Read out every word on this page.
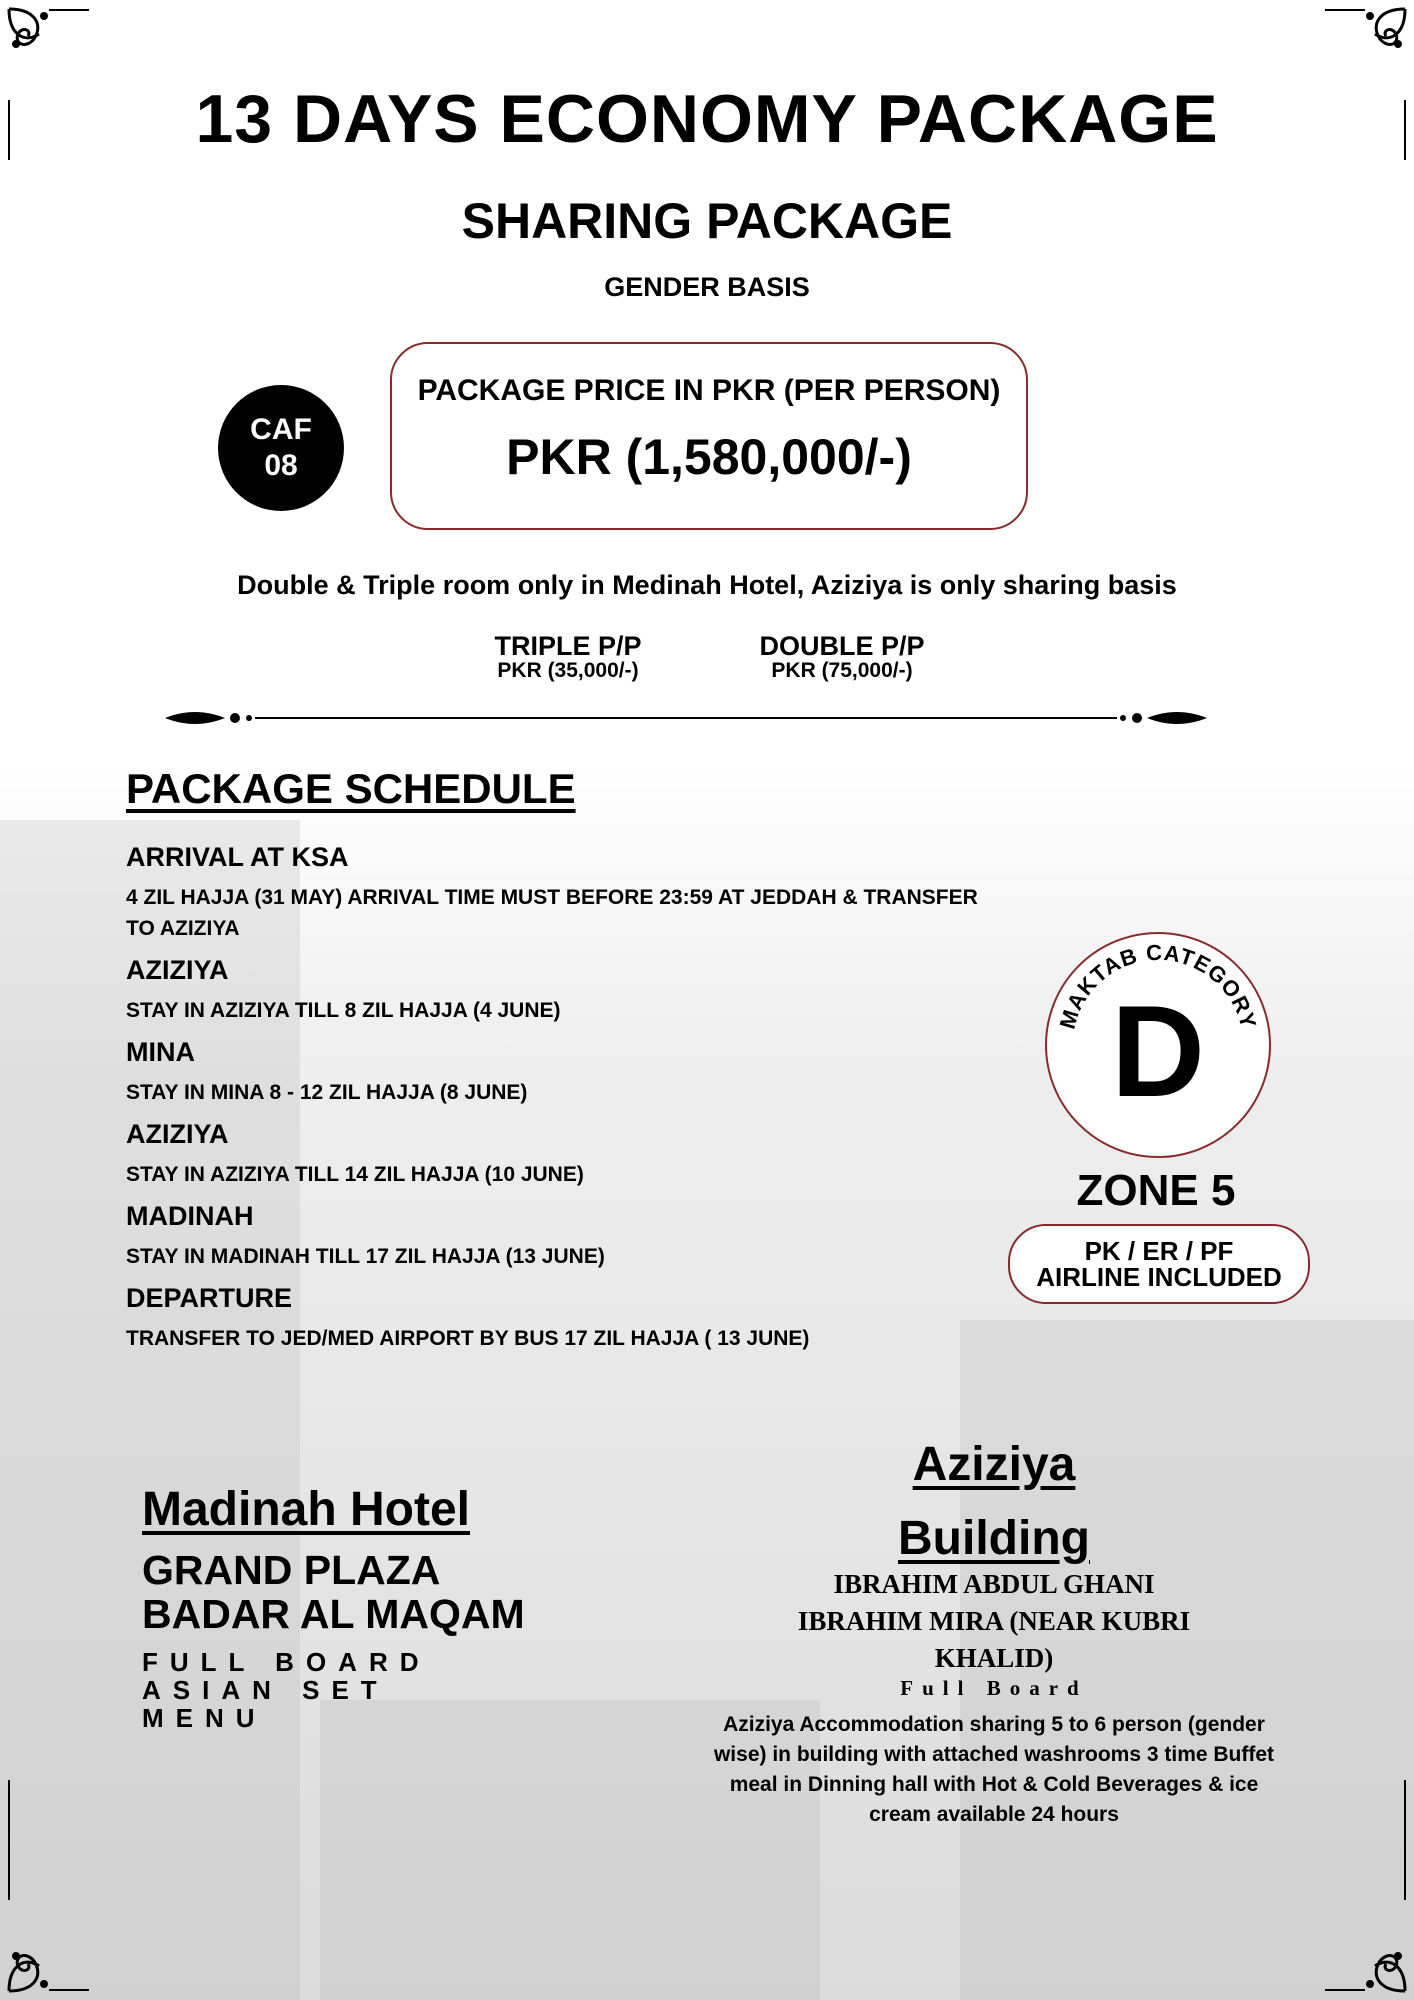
13 DAYS ECONOMY PACKAGE
SHARING PACKAGE
GENDER BASIS
CAF
08
PACKAGE PRICE IN PKR (PER PERSON)
PKR (1,580,000/-)
Double & Triple room only in Medinah Hotel, Aziziya is only sharing basis
TRIPLE P/P
PKR (35,000/-)
DOUBLE P/P
PKR (75,000/-)
PACKAGE SCHEDULE
ARRIVAL AT KSA
4 ZIL HAJJA (31 MAY) ARRIVAL TIME MUST BEFORE 23:59 AT JEDDAH & TRANSFER TO AZIZIYA
AZIZIYA
STAY IN AZIZIYA TILL 8 ZIL HAJJA (4 JUNE)
MINA
STAY IN MINA 8 - 12 ZIL HAJJA (8 JUNE)
AZIZIYA
STAY IN AZIZIYA TILL 14 ZIL HAJJA (10 JUNE)
MADINAH
STAY IN MADINAH TILL 17 ZIL HAJJA (13 JUNE)
DEPARTURE
TRANSFER TO JED/MED AIRPORT BY BUS 17 ZIL HAJJA ( 13 JUNE)
MAKTAB CATEGORY
D
ZONE 5
PK / ER / PF
AIRLINE INCLUDED
Madinah Hotel
GRAND PLAZA
BADAR AL MAQAM
FULL BOARD
ASIAN SET
MENU
Aziziya
Building
IBRAHIM ABDUL GHANI
IBRAHIM MIRA (NEAR KUBRI
KHALID)
Full Board
Aziziya Accommodation sharing 5 to 6 person (gender wise) in building with attached washrooms 3 time Buffet meal in Dinning hall with Hot & Cold Beverages & ice cream available 24 hours
